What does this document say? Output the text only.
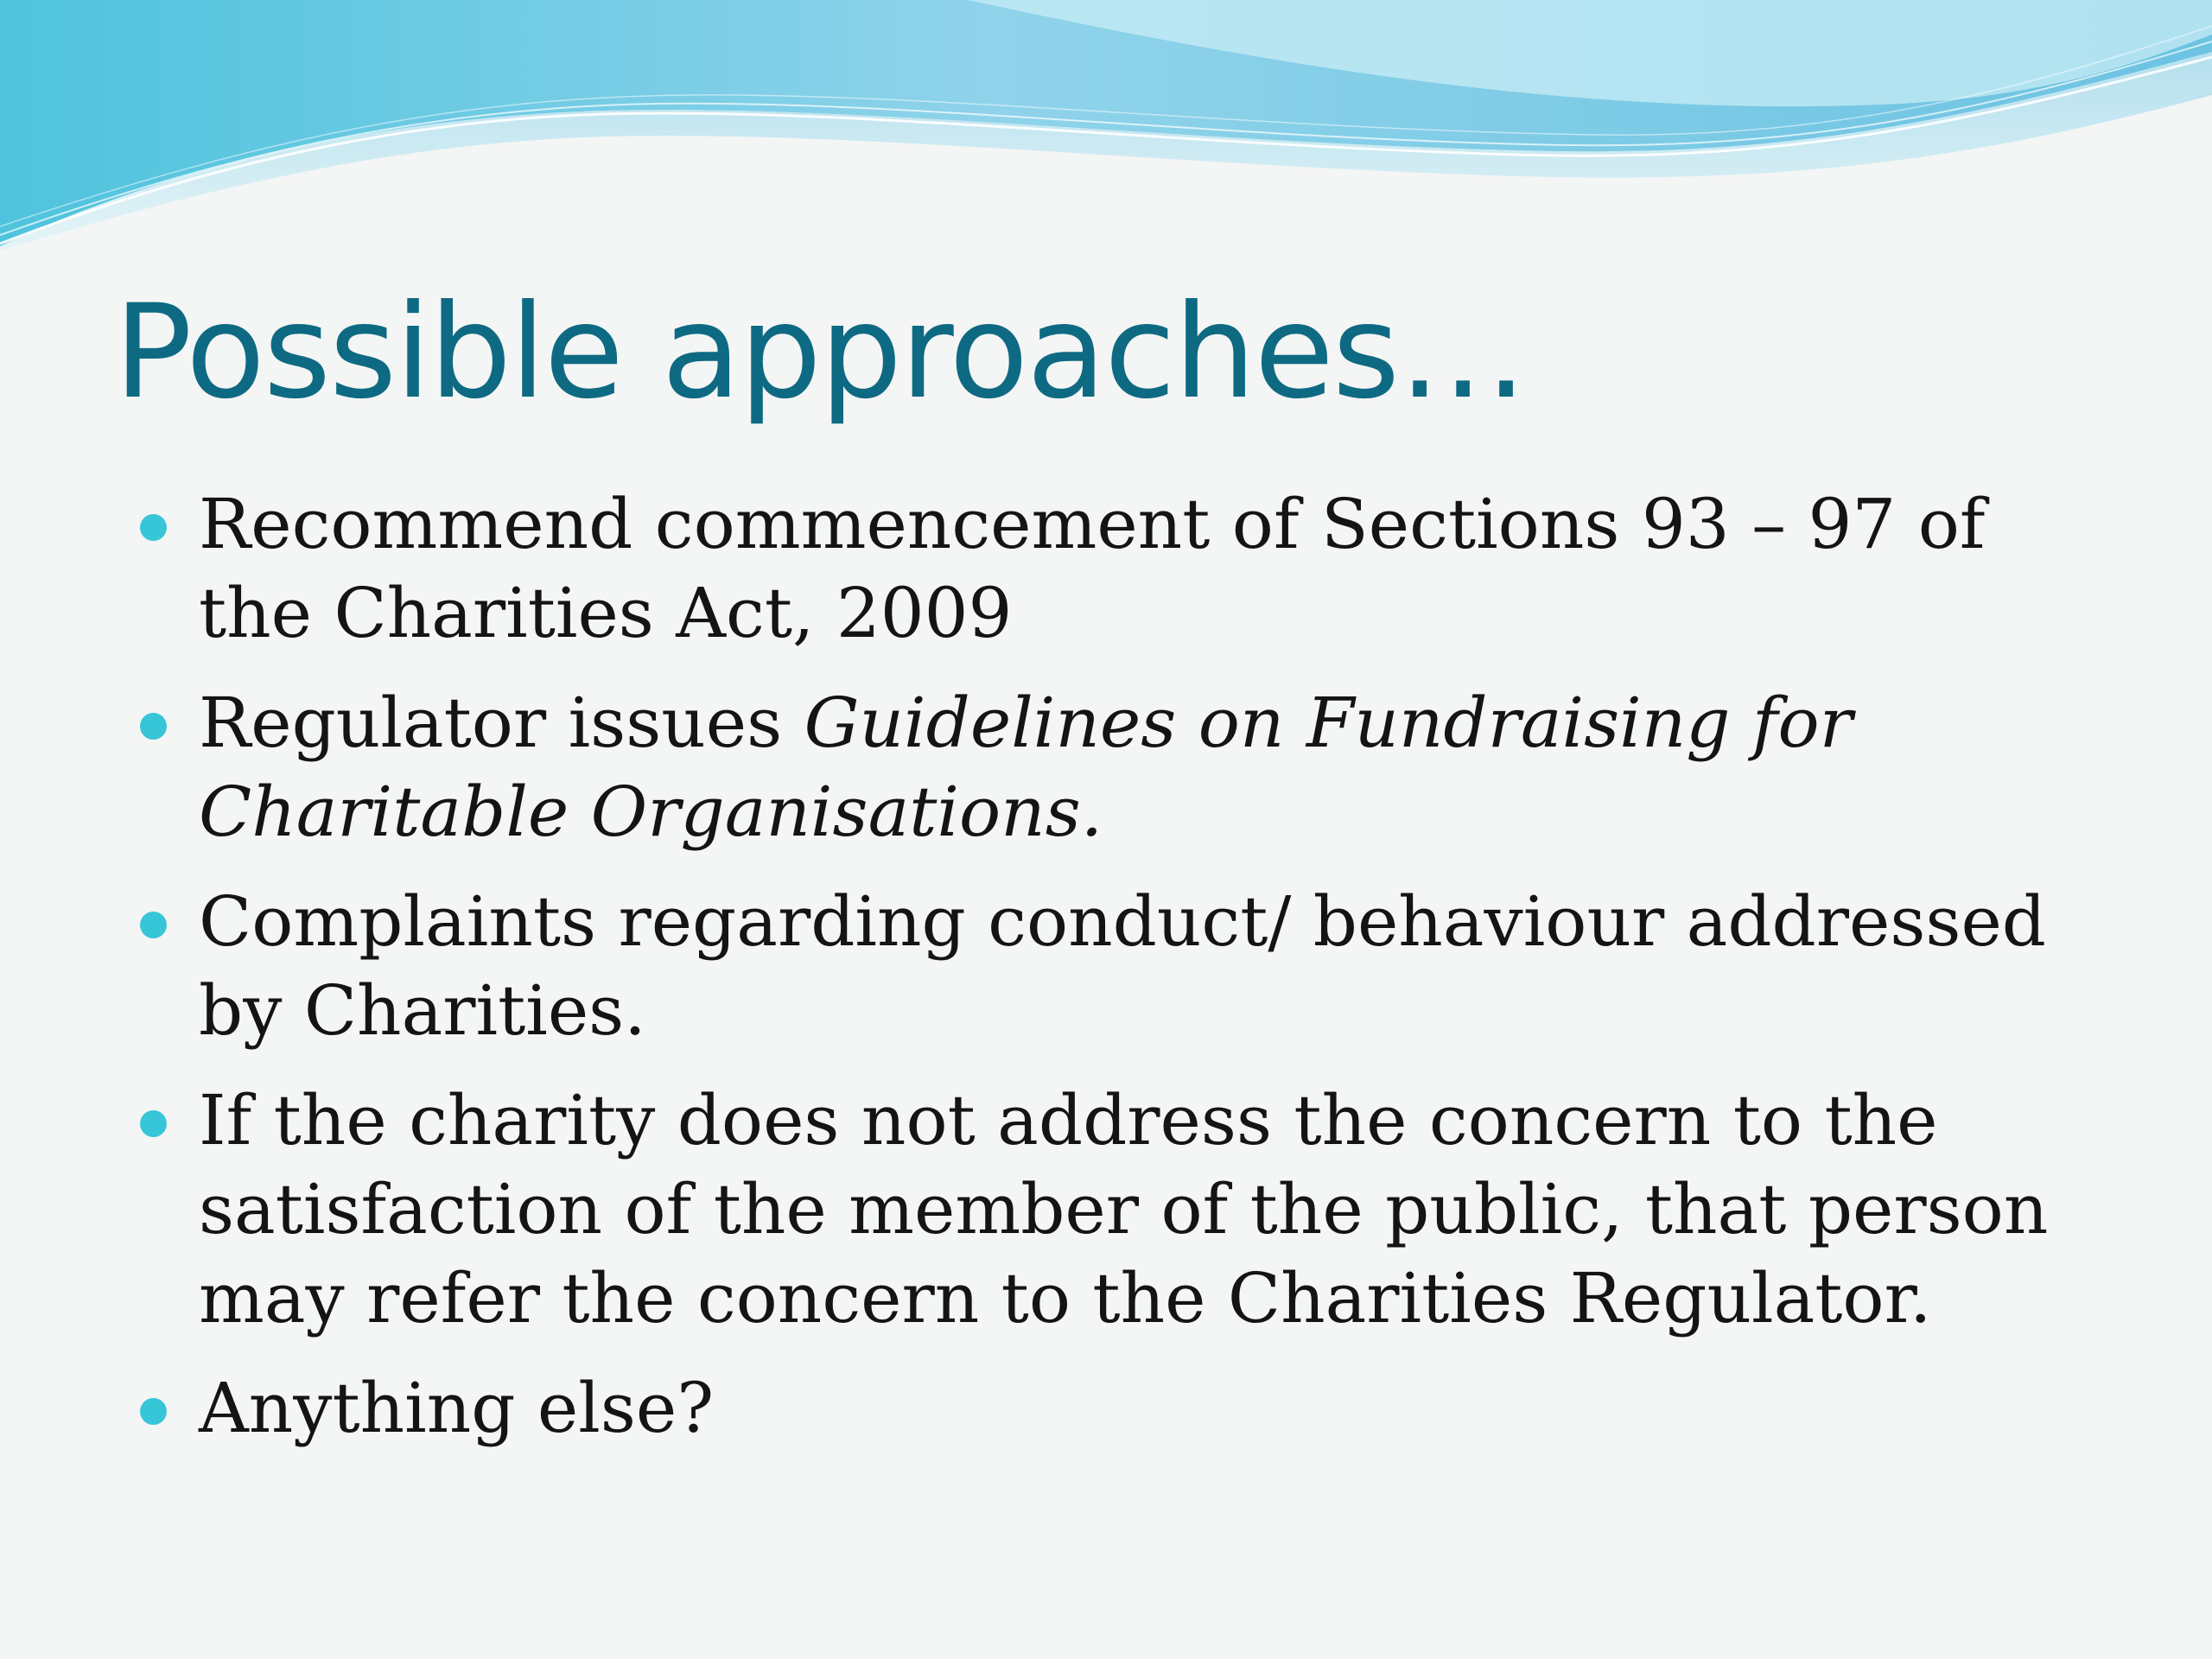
Possible approaches…
Recommend commencement of Sections 93 – 97 of the Charities Act, 2009
Regulator issues Guidelines on Fundraising for Charitable Organisations.
Complaints regarding conduct/ behaviour addressed by Charities.
If the charity does not address the concern to the satisfaction of the member of the public, that person may refer the concern to the Charities Regulator.
Anything else?
